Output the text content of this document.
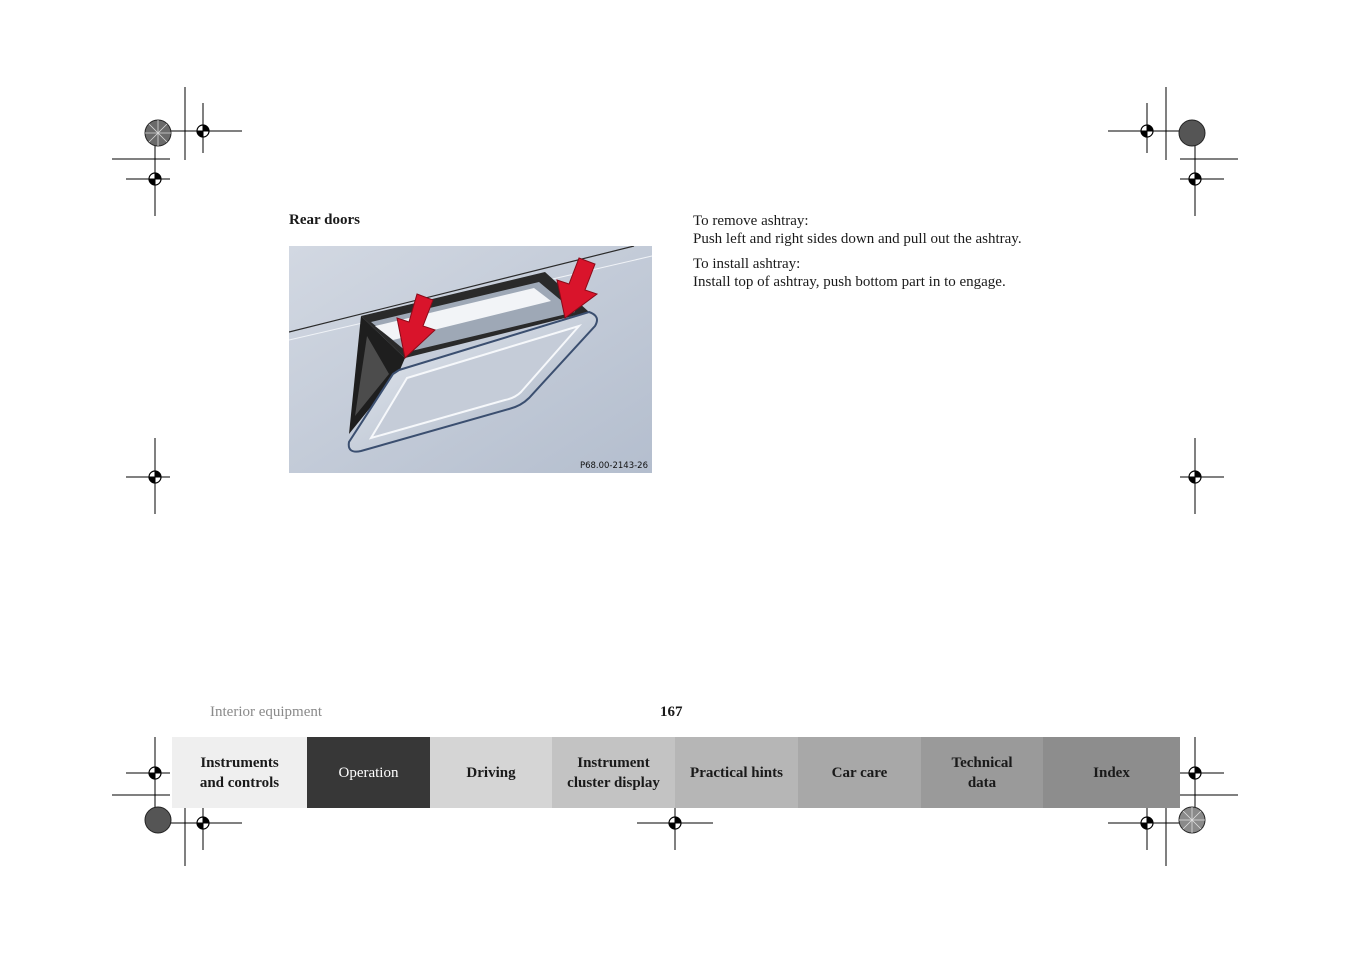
Rear doors
P68.00-2143-26

To remove ashtray:
Push left and right sides down and pull out the ashtray.

To install ashtray:
Install top of ashtray, push bottom part in to engage.

Interior equipment	167
Instruments
and controls
Operation	Driving
Instrument
cluster display
Practical hints	Car care
Technical
data
Index
